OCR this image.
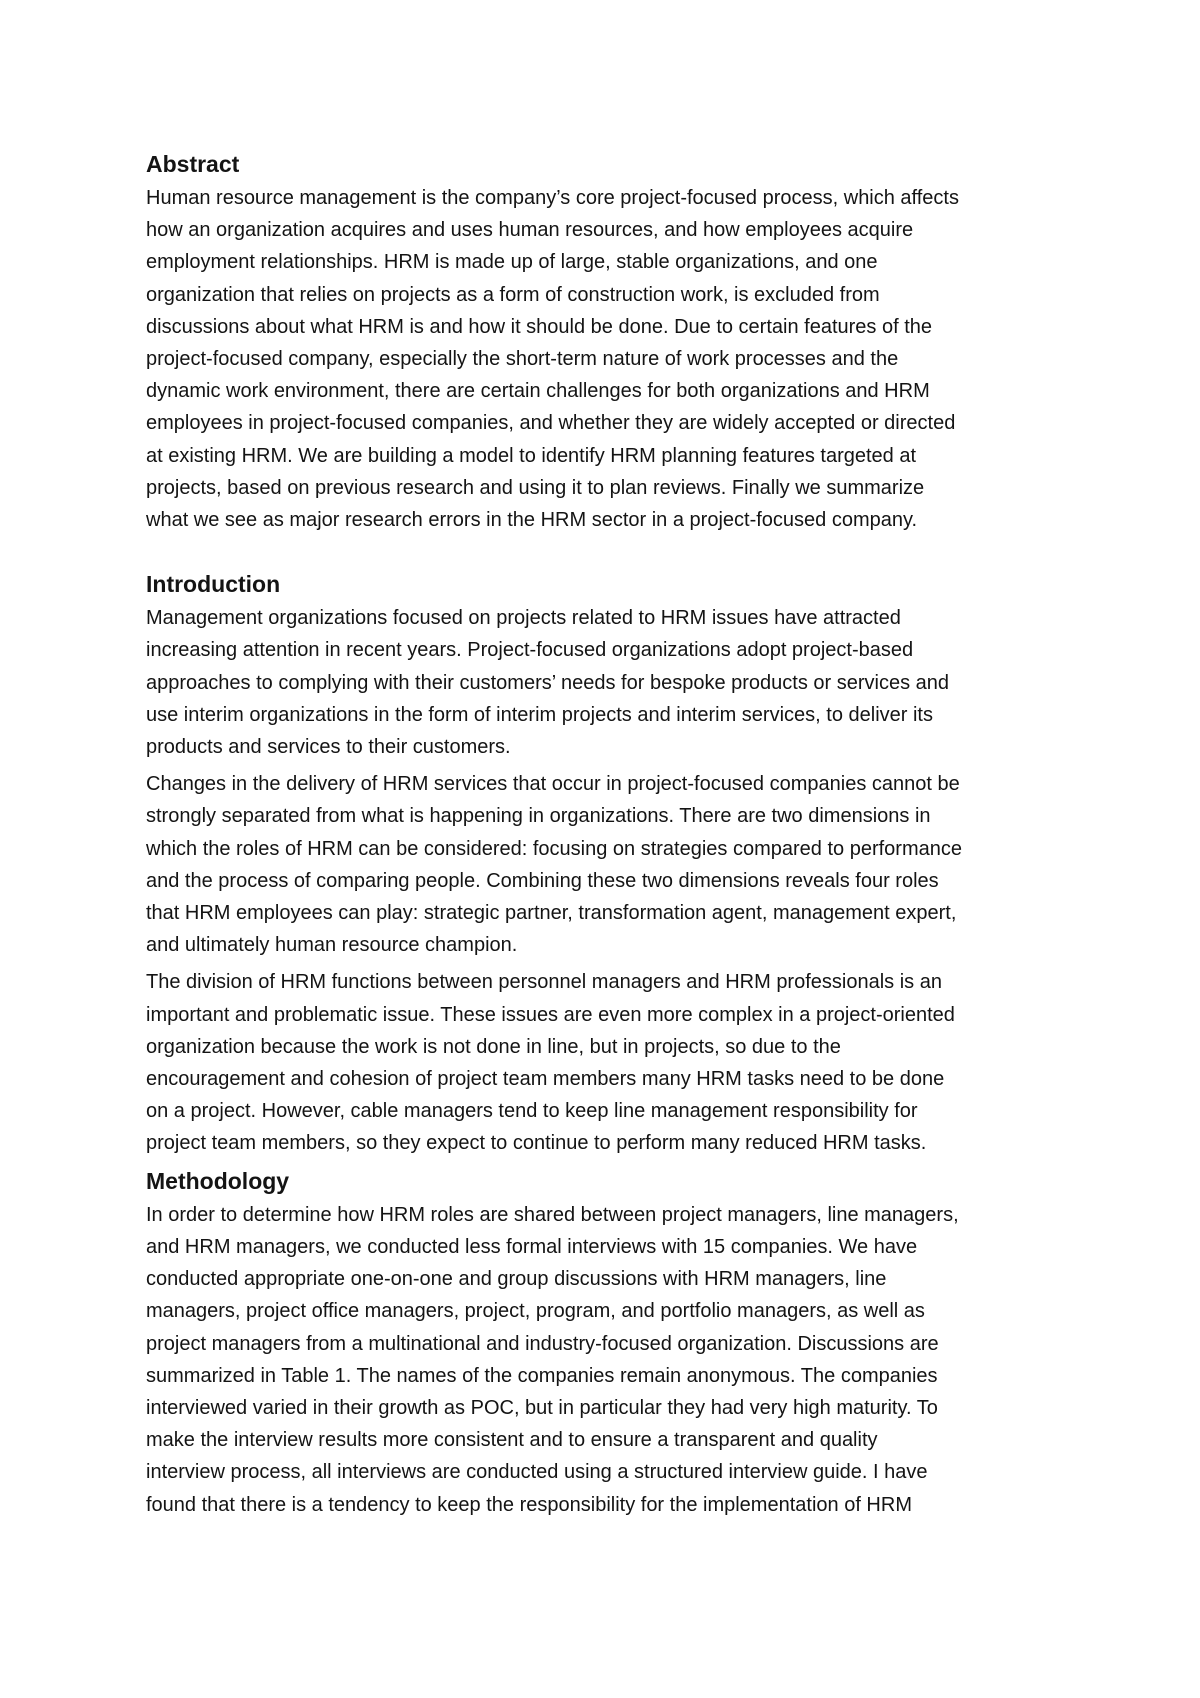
Abstract

Human resource management is the company’s core project-focused process, which affects
how an organization acquires and uses human resources, and how employees acquire
employment relationships. HRM is made up of large, stable organizations, and one
organization that relies on projects as a form of construction work, is excluded from
discussions about what HRM is and how it should be done. Due to certain features of the
project-focused company, especially the short-term nature of work processes and the
dynamic work environment, there are certain challenges for both organizations and HRM
employees in project-focused companies, and whether they are widely accepted or directed
at existing HRM. We are building a model to identify HRM planning features targeted at
projects, based on previous research and using it to plan reviews. Finally we summarize
what we see as major research errors in the HRM sector in a project-focused company.

Introduction

Management organizations focused on projects related to HRM issues have attracted
increasing attention in recent years. Project-focused organizations adopt project-based
approaches to complying with their customers’ needs for bespoke products or services and
use interim organizations in the form of interim projects and interim services, to deliver its
products and services to their customers.

Changes in the delivery of HRM services that occur in project-focused companies cannot be
strongly separated from what is happening in organizations. There are two dimensions in
which the roles of HRM can be considered: focusing on strategies compared to performance
and the process of comparing people. Combining these two dimensions reveals four roles
that HRM employees can play: strategic partner, transformation agent, management expert,
and ultimately human resource champion.

The division of HRM functions between personnel managers and HRM professionals is an
important and problematic issue. These issues are even more complex in a project-oriented
organization because the work is not done in line, but in projects, so due to the
encouragement and cohesion of project team members many HRM tasks need to be done
on a project. However, cable managers tend to keep line management responsibility for
project team members, so they expect to continue to perform many reduced HRM tasks.

Methodology

In order to determine how HRM roles are shared between project managers, line managers,
and HRM managers, we conducted less formal interviews with 15 companies. We have
conducted appropriate one-on-one and group discussions with HRM managers, line
managers, project office managers, project, program, and portfolio managers, as well as
project managers from a multinational and industry-focused organization. Discussions are
summarized in Table 1. The names of the companies remain anonymous. The companies
interviewed varied in their growth as POC, but in particular they had very high maturity. To
make the interview results more consistent and to ensure a transparent and quality
interview process, all interviews are conducted using a structured interview guide. I have
found that there is a tendency to keep the responsibility for the implementation of HRM
